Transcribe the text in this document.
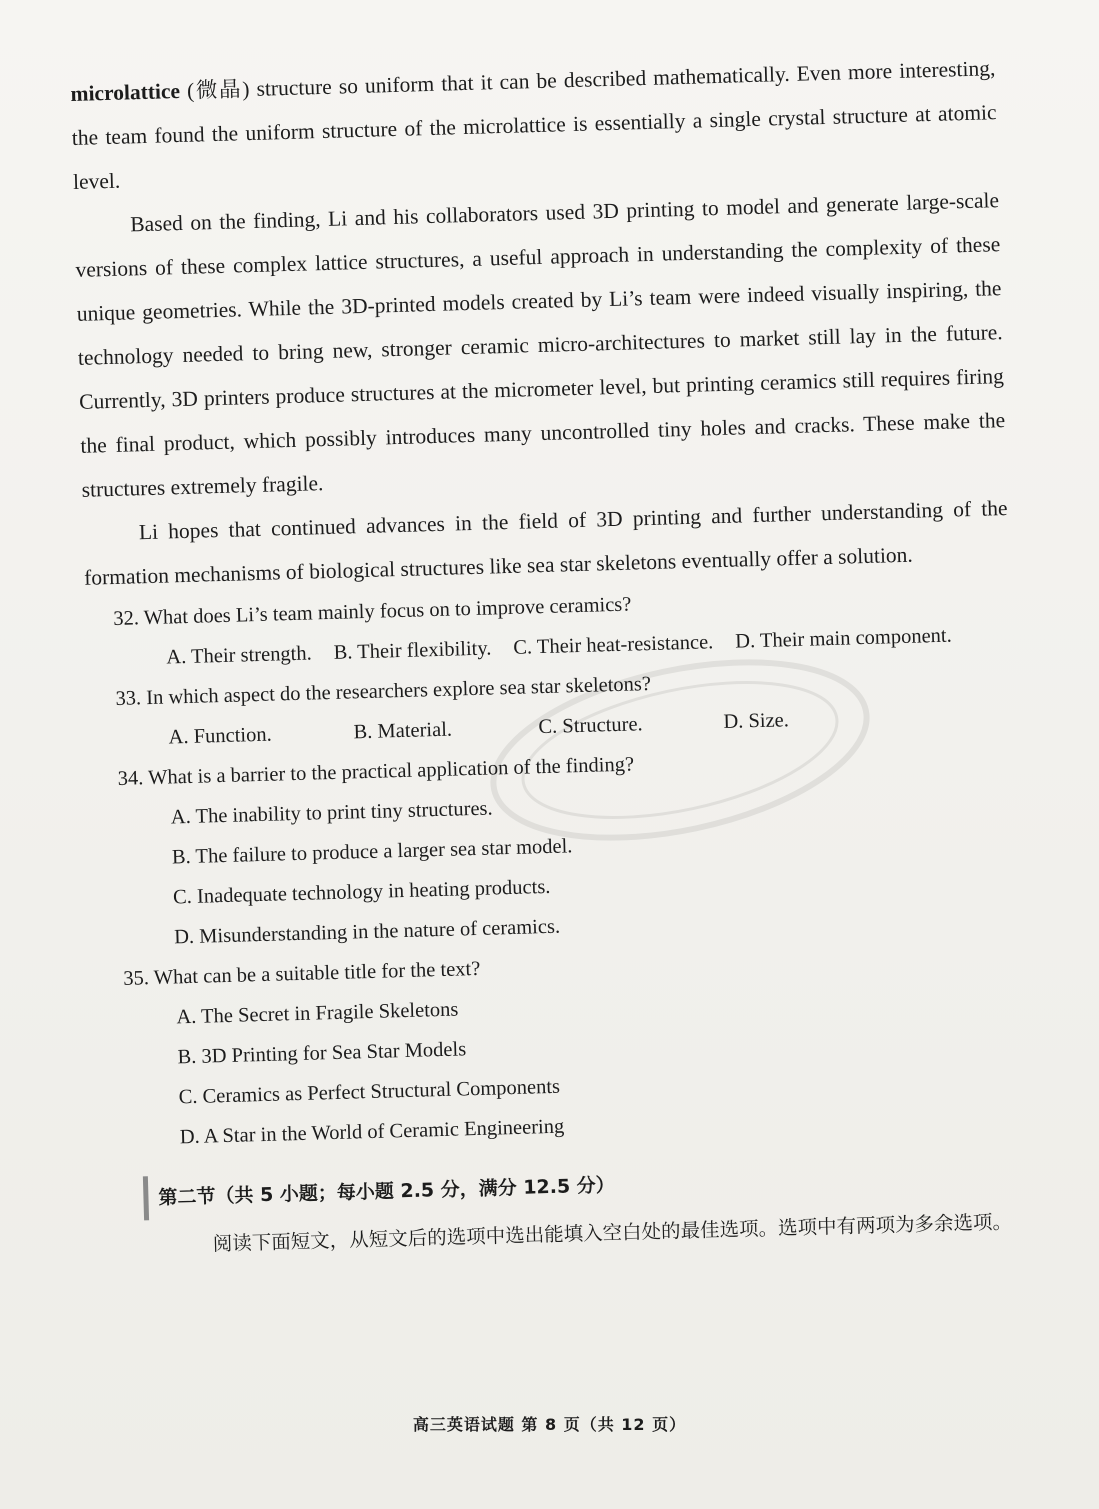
microlattice (微晶) structure so uniform that it can be described mathematically. Even more interesting, the team found the uniform structure of the microlattice is essentially a single crystal structure at atomic level.

Based on the finding, Li and his collaborators used 3D printing to model and generate large-scale versions of these complex lattice structures, a useful approach in understanding the complexity of these unique geometries. While the 3D-printed models created by Li’s team were indeed visually inspiring, the technology needed to bring new, stronger ceramic micro-architectures to market still lay in the future. Currently, 3D printers produce structures at the micrometer level, but printing ceramics still requires firing the final product, which possibly introduces many uncontrolled tiny holes and cracks. These make the structures extremely fragile.

Li hopes that continued advances in the field of 3D printing and further understanding of the formation mechanisms of biological structures like sea star skeletons eventually offer a solution.

32. What does Li’s team mainly focus on to improve ceramics?
A. Their strength. B. Their flexibility. C. Their heat-resistance. D. Their main component.
33. In which aspect do the researchers explore sea star skeletons?
A. Function.	B. Material.	C. Structure.	D. Size.
34. What is a barrier to the practical application of the finding?
A. The inability to print tiny structures.
B. The failure to produce a larger sea star model.
C. Inadequate technology in heating products.
D. Misunderstanding in the nature of ceramics.
35. What can be a suitable title for the text?
A. The Secret in Fragile Skeletons
B. 3D Printing for Sea Star Models
C. Ceramics as Perfect Structural Components
D. A Star in the World of Ceramic Engineering
第二节（共 5 小题；每小题 2.5 分，满分 12.5 分）
阅读下面短文，从短文后的选项中选出能填入空白处的最佳选项。选项中有两项为多余选项。
高三英语试题 第 8 页（共 12 页）
